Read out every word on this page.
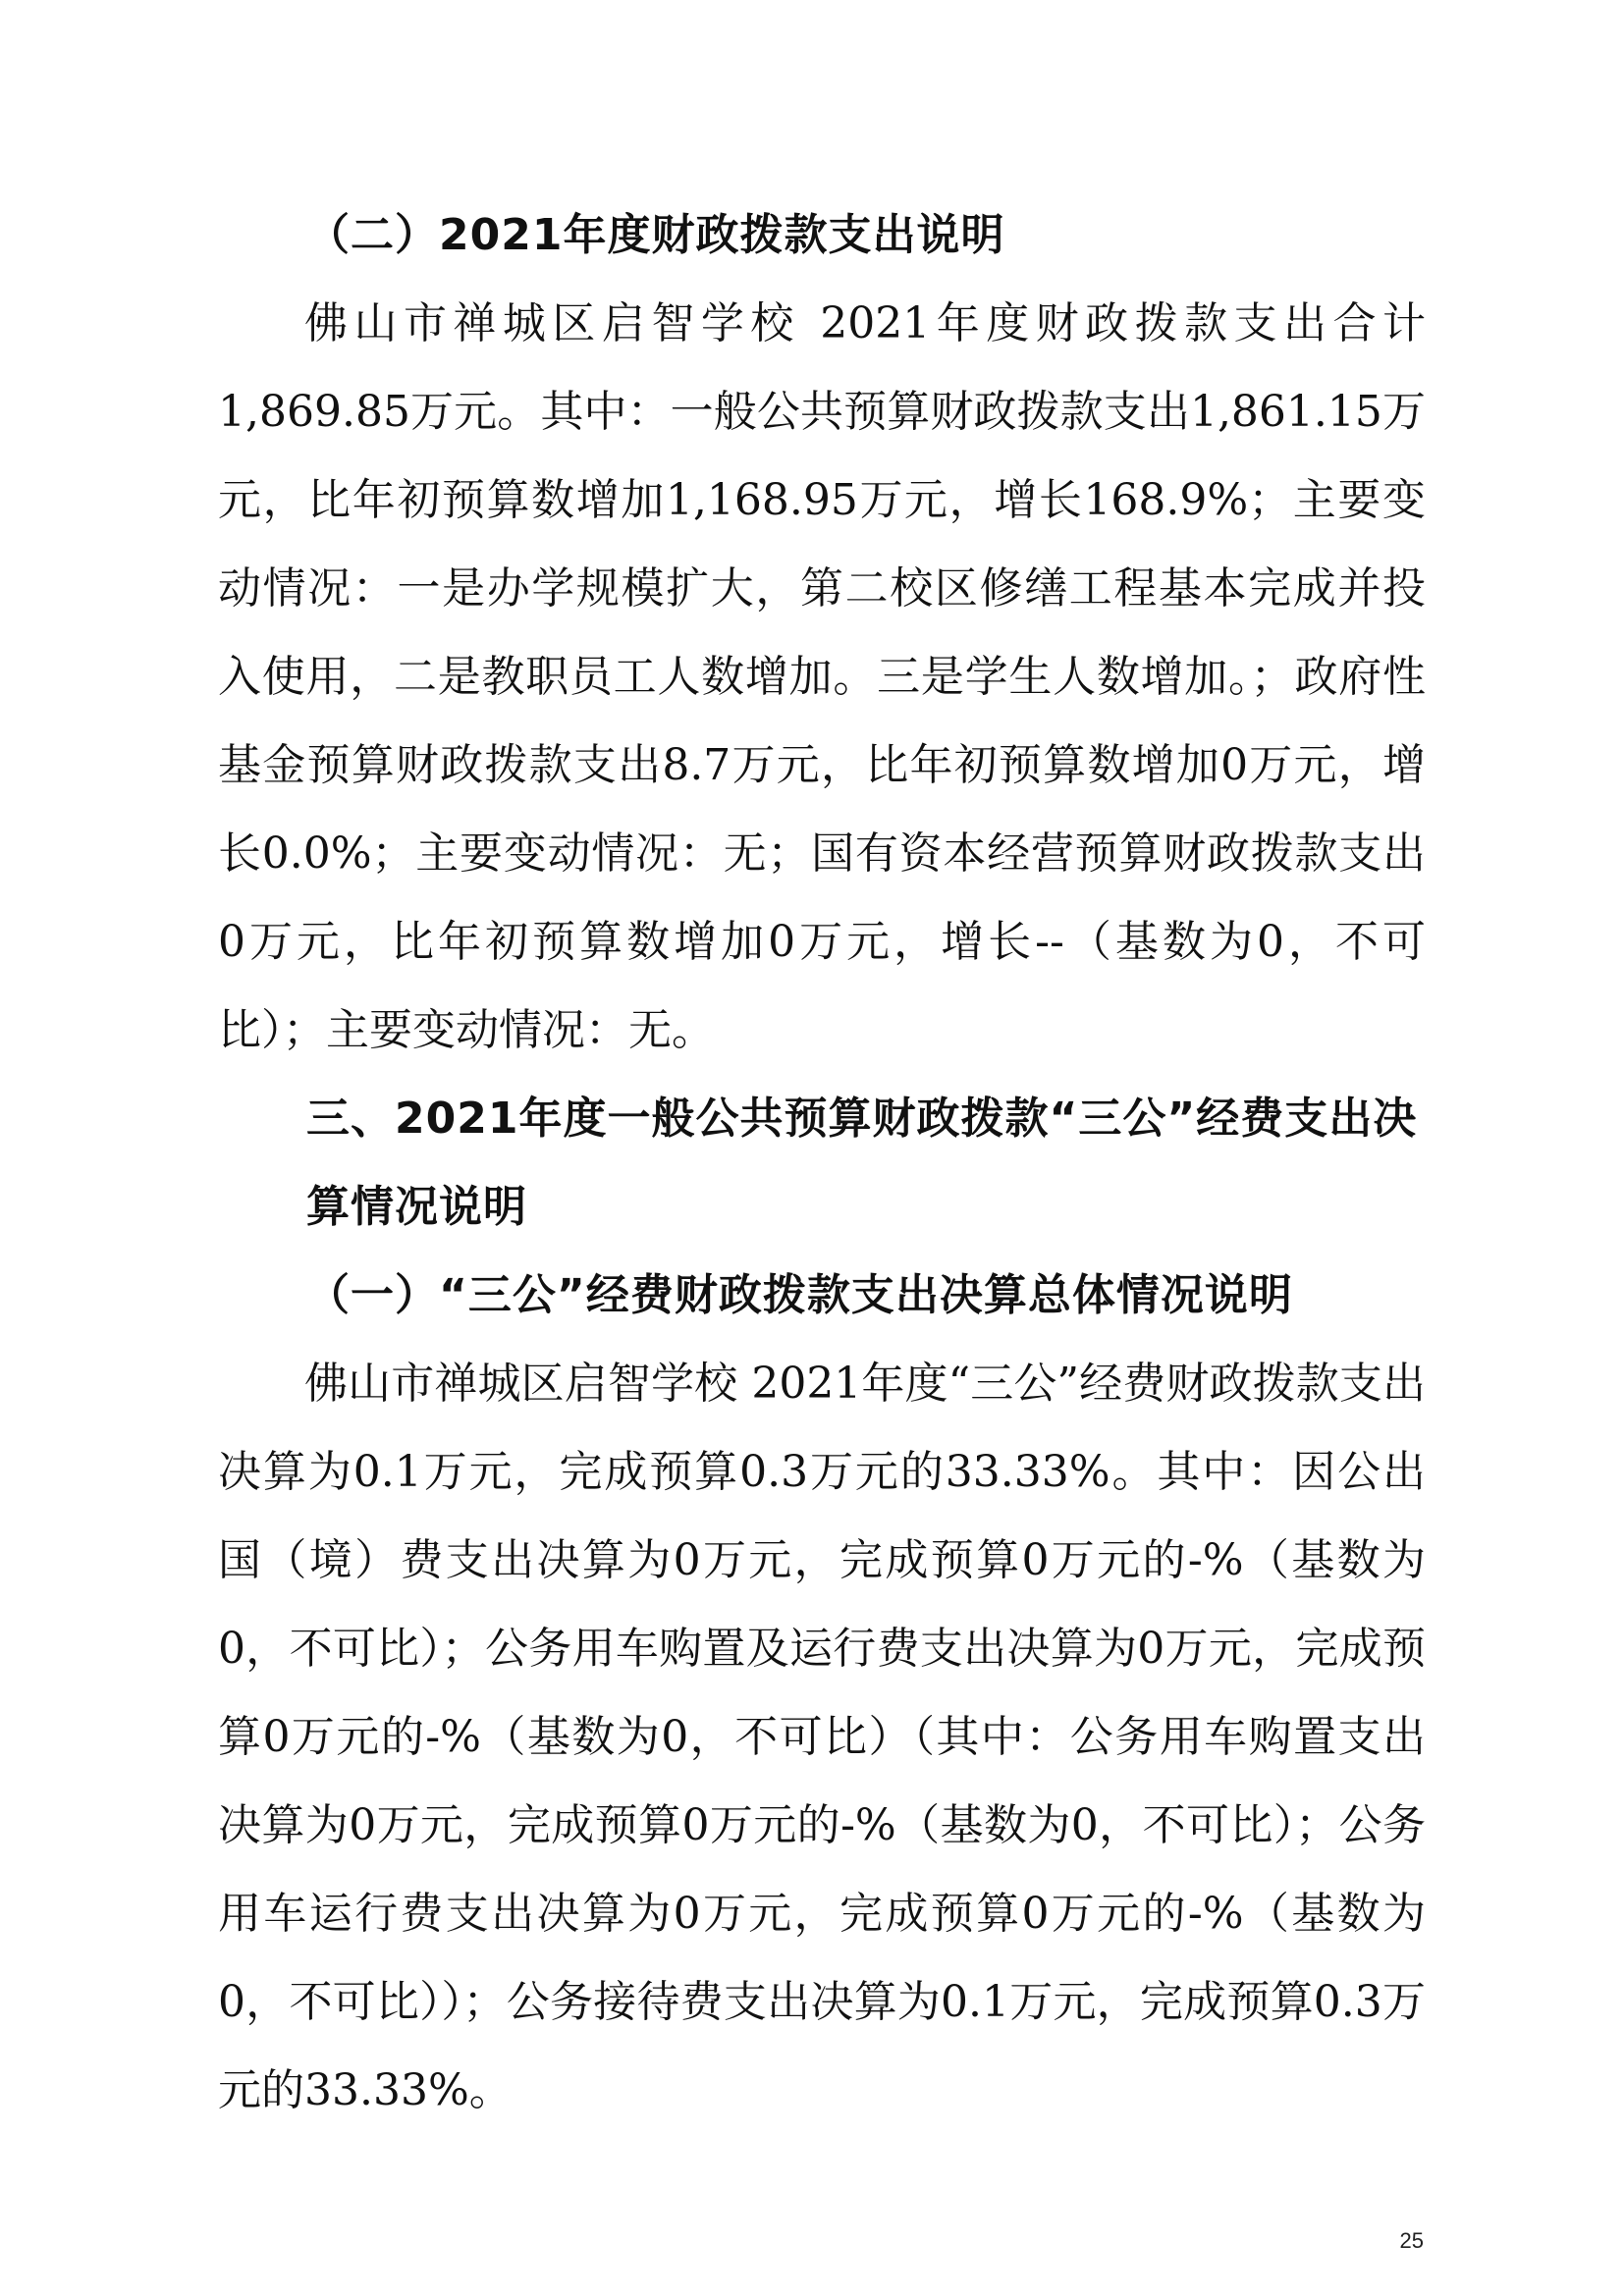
（二）2021年度财政拨款支出说明
佛山市禅城区启智学校 2021年度财政拨款支出合计1,869.85万元。其中：一般公共预算财政拨款支出1,861.15万元，比年初预算数增加1,168.95万元，增长168.9%；主要变动情况：一是办学规模扩大，第二校区修缮工程基本完成并投入使用，二是教职员工人数增加。三是学生人数增加。；政府性基金预算财政拨款支出8.7万元，比年初预算数增加0万元，增长0.0%；主要变动情况：无；国有资本经营预算财政拨款支出0万元，比年初预算数增加0万元，增长--（基数为0，不可比）；主要变动情况：无。
三、2021年度一般公共预算财政拨款“三公”经费支出决算情况说明
（一）“三公”经费财政拨款支出决算总体情况说明
佛山市禅城区启智学校 2021年度“三公”经费财政拨款支出决算为0.1万元，完成预算0.3万元的33.33%。其中：因公出国（境）费支出决算为0万元，完成预算0万元的-%（基数为0，不可比）；公务用车购置及运行费支出决算为0万元，完成预算0万元的-%（基数为0，不可比）（其中：公务用车购置支出决算为0万元，完成预算0万元的-%（基数为0，不可比）；公务用车运行费支出决算为0万元，完成预算0万元的-%（基数为0，不可比））；公务接待费支出决算为0.1万元，完成预算0.3万元的33.33%。
25
